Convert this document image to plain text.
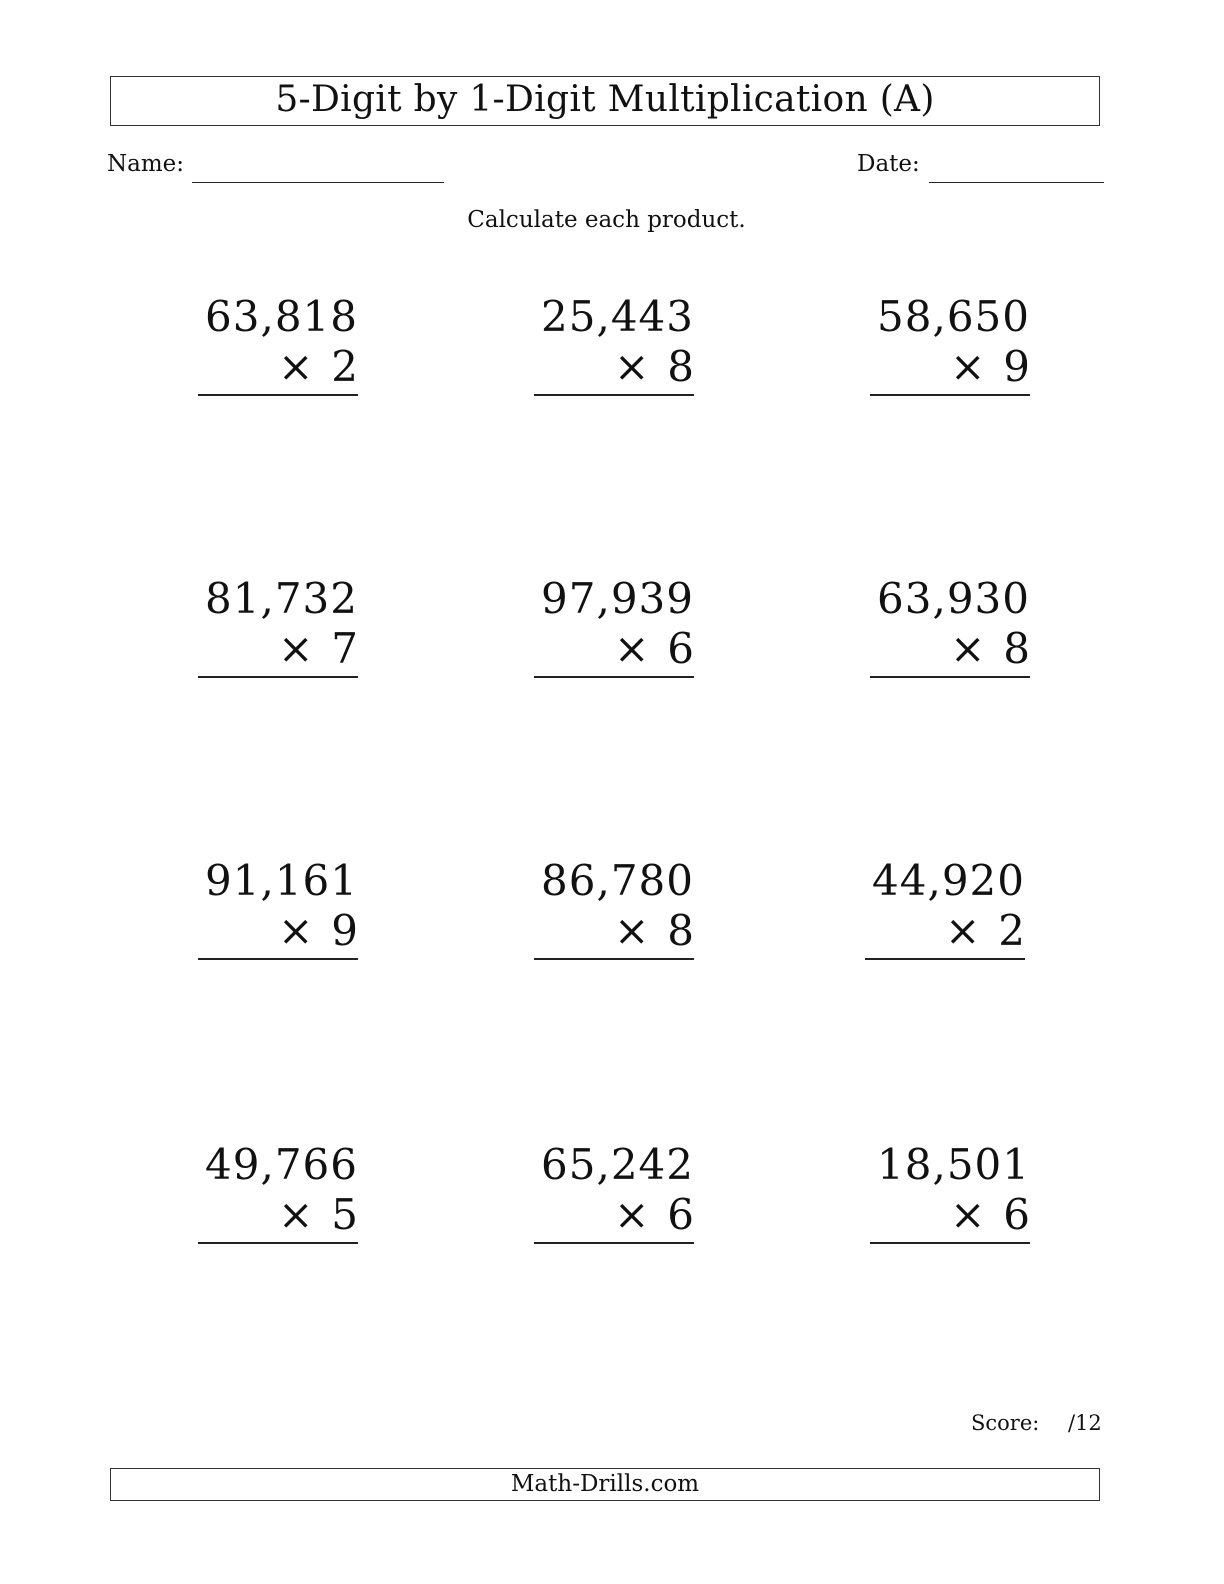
5-Digit by 1-Digit Multiplication (A)
Name:	Date:
Calculate each product.
63,818
× 2
25,443
× 8
58,650
× 9
81,732
× 7
97,939
× 6
63,930
× 8
91,161
× 9
86,780
× 8
44,920
× 2
49,766
× 5
65,242
× 6
18,501
× 6
Score: /12
Math-Drills.com
